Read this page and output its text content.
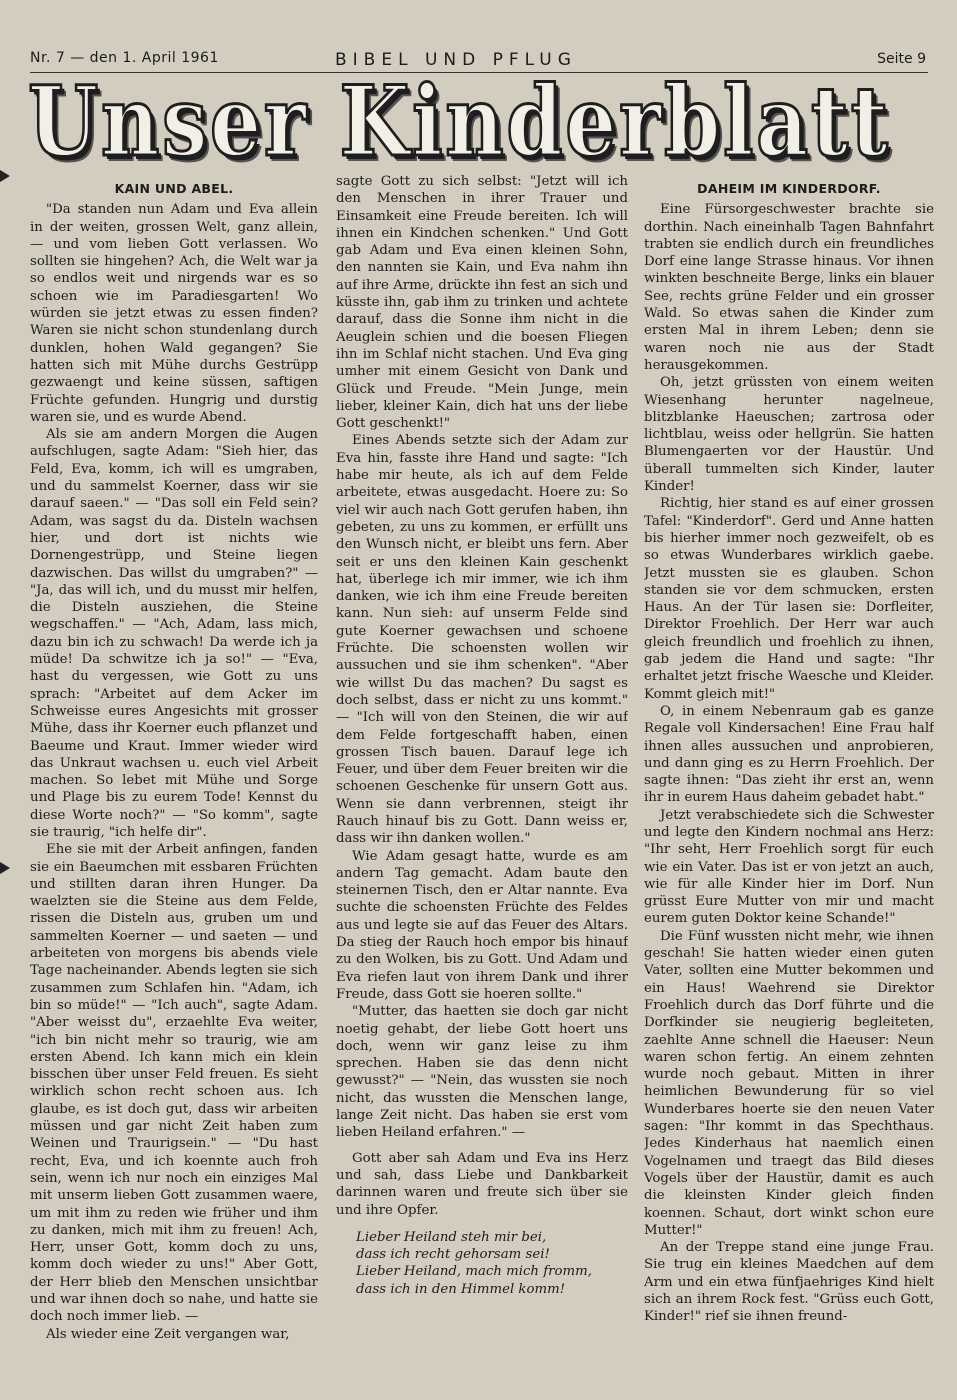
Nr. 7 — den 1. April 1961	BIBEL UND PFLUG	Seite 9
Unser Kinderblatt
KAIN UND ABEL.

"Da standen nun Adam und Eva allein in der weiten, grossen Welt, ganz allein, — und vom lieben Gott verlassen. Wo sollten sie hingehen? Ach, die Welt war ja so endlos weit und nirgends war es so schoen wie im Paradiesgarten! Wo würden sie jetzt etwas zu essen finden? Waren sie nicht schon stundenlang durch dunklen, hohen Wald gegangen? Sie hatten sich mit Mühe durchs Gestrüpp gezwaengt und keine süssen, saftigen Früchte gefunden. Hungrig und durstig waren sie, und es wurde Abend.

Als sie am andern Morgen die Augen aufschlugen, sagte Adam: "Sieh hier, das Feld, Eva, komm, ich will es umgraben, und du sammelst Koerner, dass wir sie darauf saeen." — "Das soll ein Feld sein? Adam, was sagst du da. Disteln wachsen hier, und dort ist nichts wie Dornengestrüpp, und Steine liegen dazwischen. Das willst du umgraben?" — "Ja, das will ich, und du musst mir helfen, die Disteln ausziehen, die Steine wegschaffen." — "Ach, Adam, lass mich, dazu bin ich zu schwach! Da werde ich ja müde! Da schwitze ich ja so!" — "Eva, hast du vergessen, wie Gott zu uns sprach: "Arbeitet auf dem Acker im Schweisse eures Angesichts mit grosser Mühe, dass ihr Koerner euch pflanzet und Baeume und Kraut. Immer wieder wird das Unkraut wachsen u. euch viel Arbeit machen. So lebet mit Mühe und Sorge und Plage bis zu eurem Tode! Kennst du diese Worte noch?" — "So komm", sagte sie traurig, "ich helfe dir".

Ehe sie mit der Arbeit anfingen, fanden sie ein Baeumchen mit essbaren Früchten und stillten daran ihren Hunger. Da waelzten sie die Steine aus dem Felde, rissen die Disteln aus, gruben um und sammelten Koerner — und saeten — und arbeiteten von morgens bis abends viele Tage nacheinander. Abends legten sie sich zusammen zum Schlafen hin. "Adam, ich bin so müde!" — "Ich auch", sagte Adam. "Aber weisst du", erzaehlte Eva weiter, "ich bin nicht mehr so traurig, wie am ersten Abend. Ich kann mich ein klein bisschen über unser Feld freuen. Es sieht wirklich schon recht schoen aus. Ich glaube, es ist doch gut, dass wir arbeiten müssen und gar nicht Zeit haben zum Weinen und Traurigsein." — "Du hast recht, Eva, und ich koennte auch froh sein, wenn ich nur noch ein einziges Mal mit unserm lieben Gott zusammen waere, um mit ihm zu reden wie früher und ihm zu danken, mich mit ihm zu freuen! Ach, Herr, unser Gott, komm doch zu uns, komm doch wieder zu uns!" Aber Gott, der Herr blieb den Menschen unsichtbar und war ihnen doch so nahe, und hatte sie doch noch immer lieb. —

Als wieder eine Zeit vergangen war,

sagte Gott zu sich selbst: "Jetzt will ich den Menschen in ihrer Trauer und Einsamkeit eine Freude bereiten. Ich will ihnen ein Kindchen schenken." Und Gott gab Adam und Eva einen kleinen Sohn, den nannten sie Kain, und Eva nahm ihn auf ihre Arme, drückte ihn fest an sich und küsste ihn, gab ihm zu trinken und achtete darauf, dass die Sonne ihm nicht in die Aeuglein schien und die boesen Fliegen ihn im Schlaf nicht stachen. Und Eva ging umher mit einem Gesicht von Dank und Glück und Freude. "Mein Junge, mein lieber, kleiner Kain, dich hat uns der liebe Gott geschenkt!"

Eines Abends setzte sich der Adam zur Eva hin, fasste ihre Hand und sagte: "Ich habe mir heute, als ich auf dem Felde arbeitete, etwas ausgedacht. Hoere zu: So viel wir auch nach Gott gerufen haben, ihn gebeten, zu uns zu kommen, er erfüllt uns den Wunsch nicht, er bleibt uns fern. Aber seit er uns den kleinen Kain geschenkt hat, überlege ich mir immer, wie ich ihm danken, wie ich ihm eine Freude bereiten kann. Nun sieh: auf unserm Felde sind gute Koerner gewachsen und schoene Früchte. Die schoensten wollen wir aussuchen und sie ihm schenken". "Aber wie willst Du das machen? Du sagst es doch selbst, dass er nicht zu uns kommt." — "Ich will von den Steinen, die wir auf dem Felde fortgeschafft haben, einen grossen Tisch bauen. Darauf lege ich Feuer, und über dem Feuer breiten wir die schoenen Geschenke für unsern Gott aus. Wenn sie dann verbrennen, steigt ihr Rauch hinauf bis zu Gott. Dann weiss er, dass wir ihn danken wollen."

Wie Adam gesagt hatte, wurde es am andern Tag gemacht. Adam baute den steinernen Tisch, den er Altar nannte. Eva suchte die schoensten Früchte des Feldes aus und legte sie auf das Feuer des Altars. Da stieg der Rauch hoch empor bis hinauf zu den Wolken, bis zu Gott. Und Adam und Eva riefen laut von ihrem Dank und ihrer Freude, dass Gott sie hoeren sollte."

"Mutter, das haetten sie doch gar nicht noetig gehabt, der liebe Gott hoert uns doch, wenn wir ganz leise zu ihm sprechen. Haben sie das denn nicht gewusst?" — "Nein, das wussten sie noch nicht, das wussten die Menschen lange, lange Zeit nicht. Das haben sie erst vom lieben Heiland erfahren." —

Gott aber sah Adam und Eva ins Herz und sah, dass Liebe und Dankbarkeit darinnen waren und freute sich über sie und ihre Opfer.

Lieber Heiland steh mir bei,
dass ich recht gehorsam sei!
Lieber Heiland, mach mich fromm,
dass ich in den Himmel komm!
DAHEIM IM KINDERDORF.

Eine Fürsorgeschwester brachte sie dorthin. Nach eineinhalb Tagen Bahnfahrt trabten sie endlich durch ein freundliches Dorf eine lange Strasse hinaus. Vor ihnen winkten beschneite Berge, links ein blauer See, rechts grüne Felder und ein grosser Wald. So etwas sahen die Kinder zum ersten Mal in ihrem Leben; denn sie waren noch nie aus der Stadt herausgekommen.

Oh, jetzt grüssten von einem weiten Wiesenhang herunter nagelneue, blitzblanke Haeuschen; zartrosa oder lichtblau, weiss oder hellgrün. Sie hatten Blumengaerten vor der Haustür. Und überall tummelten sich Kinder, lauter Kinder!

Richtig, hier stand es auf einer grossen Tafel: "Kinderdorf". Gerd und Anne hatten bis hierher immer noch gezweifelt, ob es so etwas Wunderbares wirklich gaebe. Jetzt mussten sie es glauben. Schon standen sie vor dem schmucken, ersten Haus. An der Tür lasen sie: Dorfleiter, Direktor Froehlich. Der Herr war auch gleich freundlich und froehlich zu ihnen, gab jedem die Hand und sagte: "Ihr erhaltet jetzt frische Waesche und Kleider. Kommt gleich mit!"

O, in einem Nebenraum gab es ganze Regale voll Kindersachen! Eine Frau half ihnen alles aussuchen und anprobieren, und dann ging es zu Herrn Froehlich. Der sagte ihnen: "Das zieht ihr erst an, wenn ihr in eurem Haus daheim gebadet habt."

Jetzt verabschiedete sich die Schwester und legte den Kindern nochmal ans Herz: "Ihr seht, Herr Froehlich sorgt für euch wie ein Vater. Das ist er von jetzt an auch, wie für alle Kinder hier im Dorf. Nun grüsst Eure Mutter von mir und macht eurem guten Doktor keine Schande!"

Die Fünf wussten nicht mehr, wie ihnen geschah! Sie hatten wieder einen guten Vater, sollten eine Mutter bekommen und ein Haus! Waehrend sie Direktor Froehlich durch das Dorf führte und die Dorfkinder sie neugierig begleiteten, zaehlte Anne schnell die Haeuser: Neun waren schon fertig. An einem zehnten wurde noch gebaut. Mitten in ihrer heimlichen Bewunderung für so viel Wunderbares hoerte sie den neuen Vater sagen: "Ihr kommt in das Spechthaus. Jedes Kinderhaus hat naemlich einen Vogelnamen und traegt das Bild dieses Vogels über der Haustür, damit es auch die kleinsten Kinder gleich finden koennen. Schaut, dort winkt schon eure Mutter!"

An der Treppe stand eine junge Frau. Sie trug ein kleines Maedchen auf dem Arm und ein etwa fünfjaehriges Kind hielt sich an ihrem Rock fest. "Grüss euch Gott, Kinder!" rief sie ihnen freund-
